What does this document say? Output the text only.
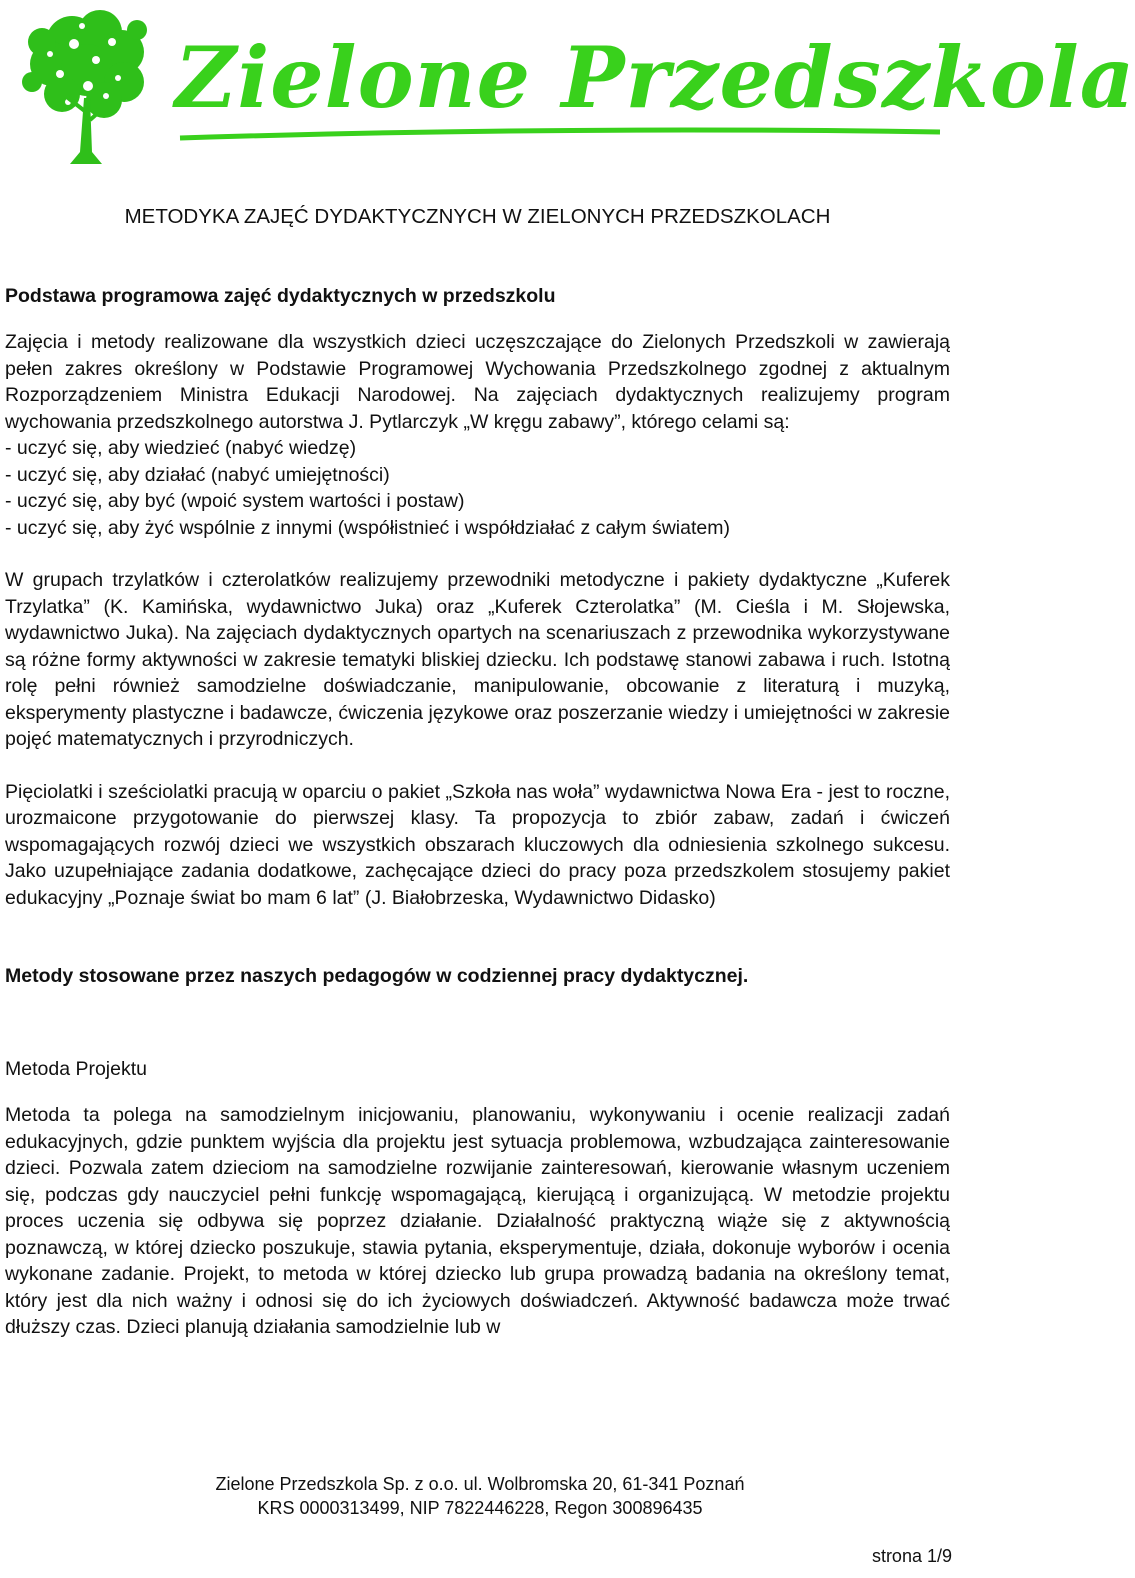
Zielone Przedszkola
METODYKA ZAJĘĆ DYDAKTYCZNYCH W ZIELONYCH PRZEDSZKOLACH
Podstawa programowa zajęć dydaktycznych w przedszkolu

Zajęcia i metody realizowane dla wszystkich dzieci uczęszczające do Zielonych Przedszkoli w zawierają pełen zakres określony w Podstawie Programowej Wychowania Przedszkolnego zgodnej z aktualnym Rozporządzeniem Ministra Edukacji Narodowej. Na zajęciach dydaktycznych realizujemy program wychowania przedszkolnego autorstwa J. Pytlarczyk „W kręgu zabawy”, którego celami są:

- uczyć się, aby wiedzieć (nabyć wiedzę)
- uczyć się, aby działać (nabyć umiejętności)
- uczyć się, aby być (wpoić system wartości i postaw)
- uczyć się, aby żyć wspólnie z innymi (współistnieć i współdziałać z całym światem)

W grupach trzylatków i czterolatków realizujemy przewodniki metodyczne i pakiety dydaktyczne „Kuferek Trzylatka” (K. Kamińska, wydawnictwo Juka) oraz „Kuferek Czterolatka” (M. Cieśla i M. Słojewska, wydawnictwo Juka). Na zajęciach dydaktycznych opartych na scenariuszach z przewodnika wykorzystywane są różne formy aktywności w zakresie tematyki bliskiej dziecku. Ich podstawę stanowi zabawa i ruch. Istotną rolę pełni również samodzielne doświadczanie, manipulowanie, obcowanie z literaturą i muzyką, eksperymenty plastyczne i badawcze, ćwiczenia językowe oraz poszerzanie wiedzy i umiejętności w zakresie pojęć matematycznych i przyrodniczych.

Pięciolatki i sześciolatki pracują w oparciu o pakiet „Szkoła nas woła” wydawnictwa Nowa Era - jest to roczne, urozmaicone przygotowanie do pierwszej klasy. Ta propozycja to zbiór zabaw, zadań i ćwiczeń wspomagających rozwój dzieci we wszystkich obszarach kluczowych dla odniesienia szkolnego sukcesu. Jako uzupełniające zadania dodatkowe, zachęcające dzieci do pracy poza przedszkolem stosujemy pakiet edukacyjny „Poznaje świat bo mam 6 lat” (J. Białobrzeska, Wydawnictwo Didasko)

Metody stosowane przez naszych pedagogów w codziennej pracy dydaktycznej.
Metoda Projektu

Metoda ta polega na samodzielnym inicjowaniu, planowaniu, wykonywaniu i ocenie realizacji zadań edukacyjnych, gdzie punktem wyjścia dla projektu jest sytuacja problemowa, wzbudzająca zainteresowanie dzieci. Pozwala zatem dzieciom na samodzielne rozwijanie zainteresowań, kierowanie własnym uczeniem się, podczas gdy nauczyciel pełni funkcję wspomagającą, kierującą i organizującą. W metodzie projektu proces uczenia się odbywa się poprzez działanie. Działalność praktyczną wiąże się z aktywnością poznawczą, w której dziecko poszukuje, stawia pytania, eksperymentuje, działa, dokonuje wyborów i ocenia wykonane zadanie. Projekt, to metoda w której dziecko lub grupa prowadzą badania na określony temat, który jest dla nich ważny i odnosi się do ich życiowych doświadczeń. Aktywność badawcza może trwać dłuższy czas. Dzieci planują działania samodzielnie lub w

Zielone Przedszkola Sp. z o.o. ul. Wolbromska 20, 61-341 Poznań
KRS 0000313499, NIP 7822446228, Regon 300896435
strona 1/9
